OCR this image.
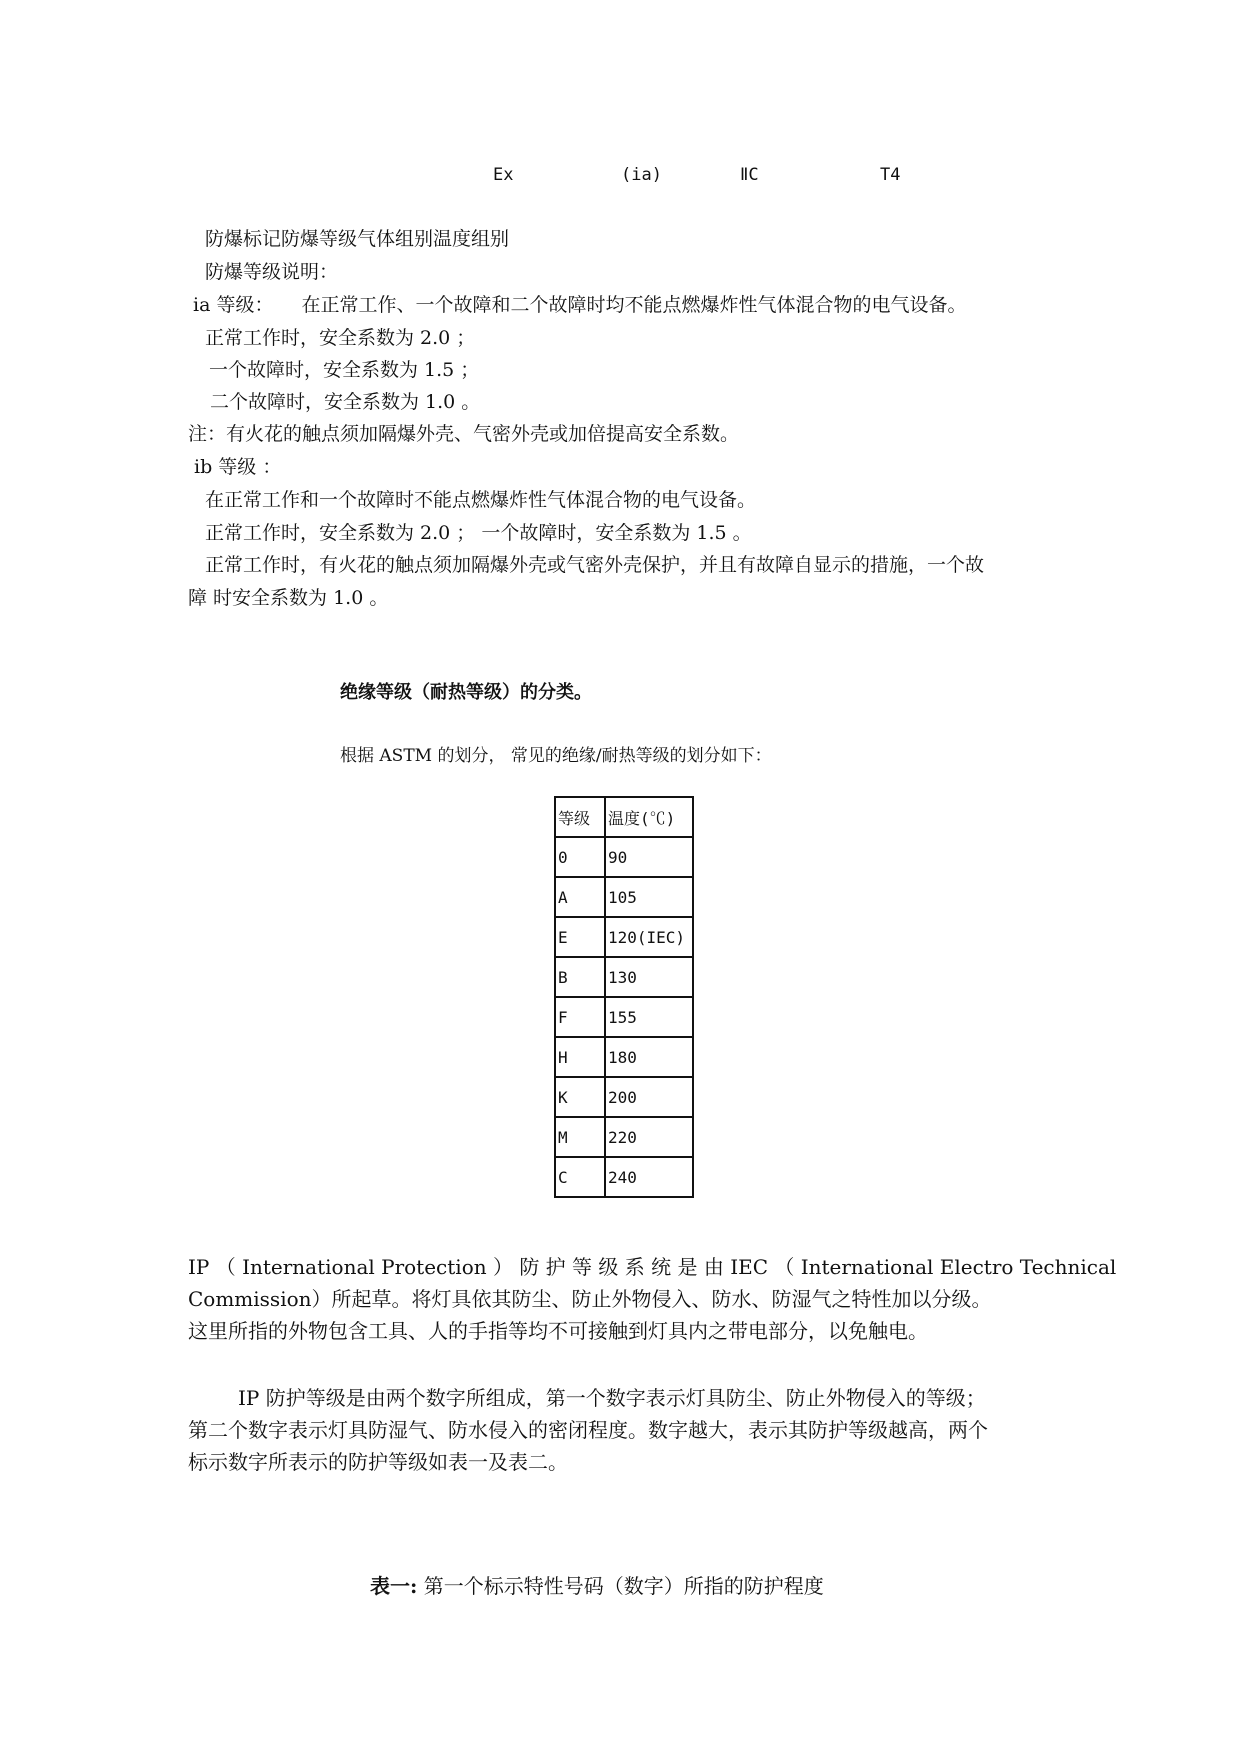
Ex	(ia)	ⅡC	T4
防爆标记防爆等级气体组别温度组别
防爆等级说明：
ia 等级： 在正常工作、一个故障和二个故障时均不能点燃爆炸性气体混合物的电气设备。
正常工作时，安全系数为 2.0 ；
一个故障时，安全系数为 1.5 ；
二个故障时，安全系数为 1.0 。
注：有火花的触点须加隔爆外壳、气密外壳或加倍提高安全系数。
ib 等级 ：
在正常工作和一个故障时不能点燃爆炸性气体混合物的电气设备。
正常工作时，安全系数为 2.0 ； 一个故障时，安全系数为 1.5 。
正常工作时，有火花的触点须加隔爆外壳或气密外壳保护，并且有故障自显示的措施，一个故
障 时安全系数为 1.0 。
绝缘等级（耐热等级）的分类。
根据 ASTM 的划分， 常见的绝缘/耐热等级的划分如下：
等级	温度(℃)
0	90
A	105
E	120(IEC)
B	130
F	155
H	180
K	200
M	220
C	240
IP （ International Protection ） 防 护 等 级 系 统 是 由 IEC （ International Electro Technical
Commission）所起草。将灯具依其防尘、防止外物侵入、防水、防湿气之特性加以分级。
这里所指的外物包含工具、人的手指等均不可接触到灯具内之带电部分，以免触电。
IP 防护等级是由两个数字所组成，第一个数字表示灯具防尘、防止外物侵入的等级；
第二个数字表示灯具防湿气、防水侵入的密闭程度。数字越大，表示其防护等级越高，两个
标示数字所表示的防护等级如表一及表二。
表一: 第一个标示特性号码（数字）所指的防护程度
